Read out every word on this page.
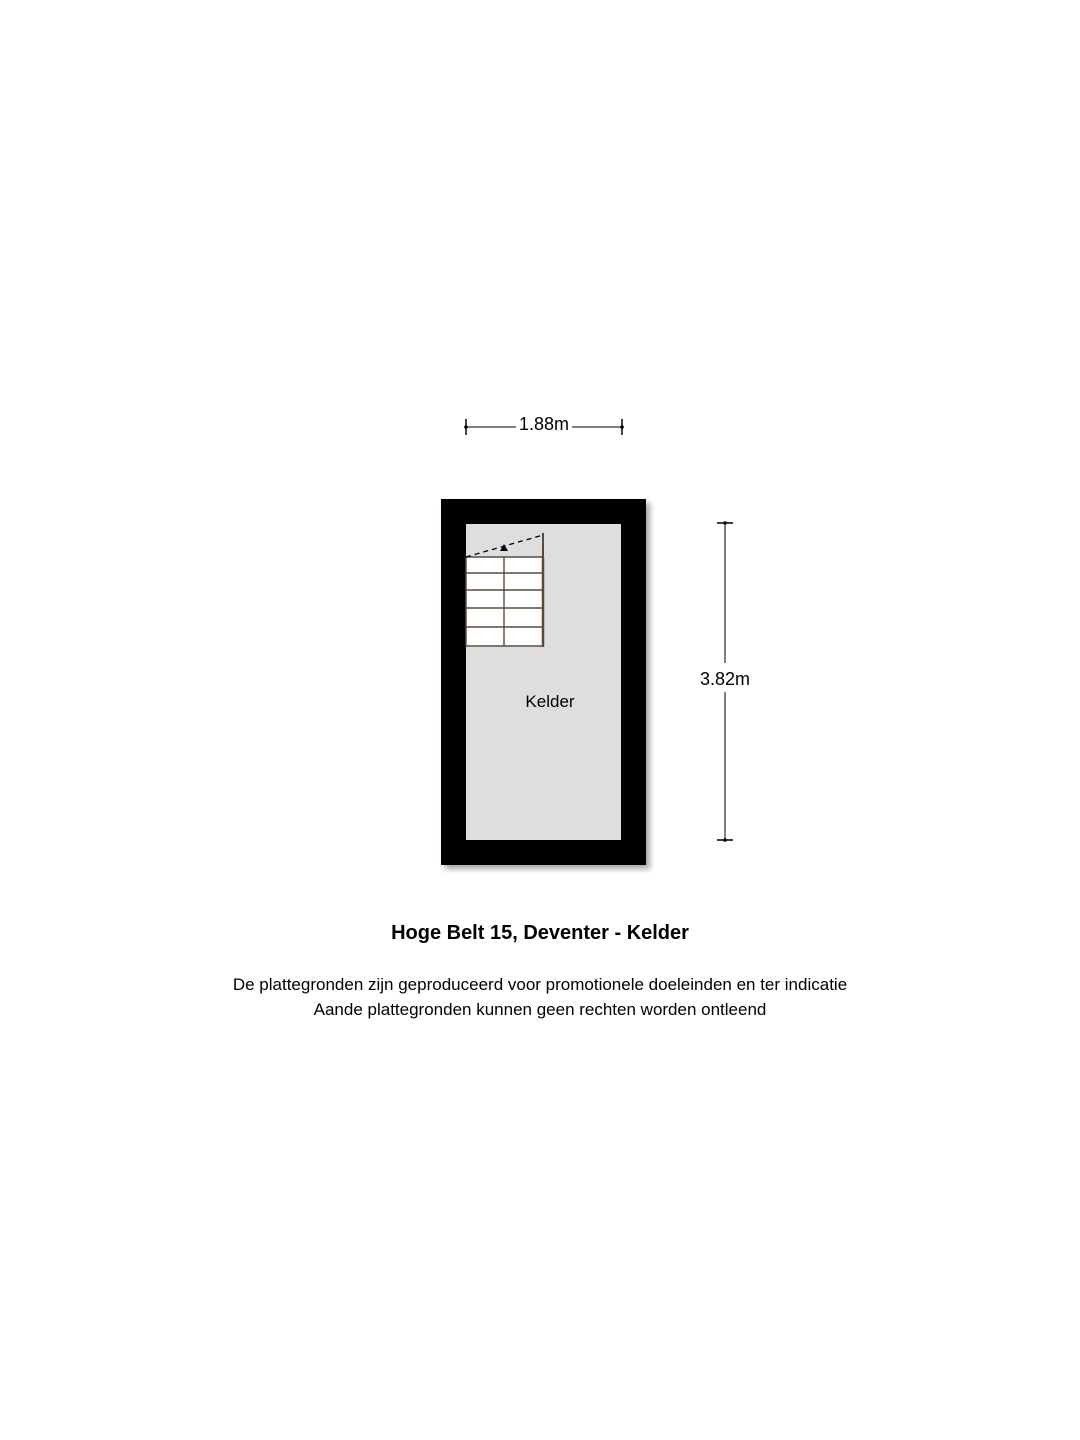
1.88m
3.82m
Kelder
Hoge Belt 15, Deventer - Kelder
De plattegronden zijn geproduceerd voor promotionele doeleinden en ter indicatie
Aande plattegronden kunnen geen rechten worden ontleend
